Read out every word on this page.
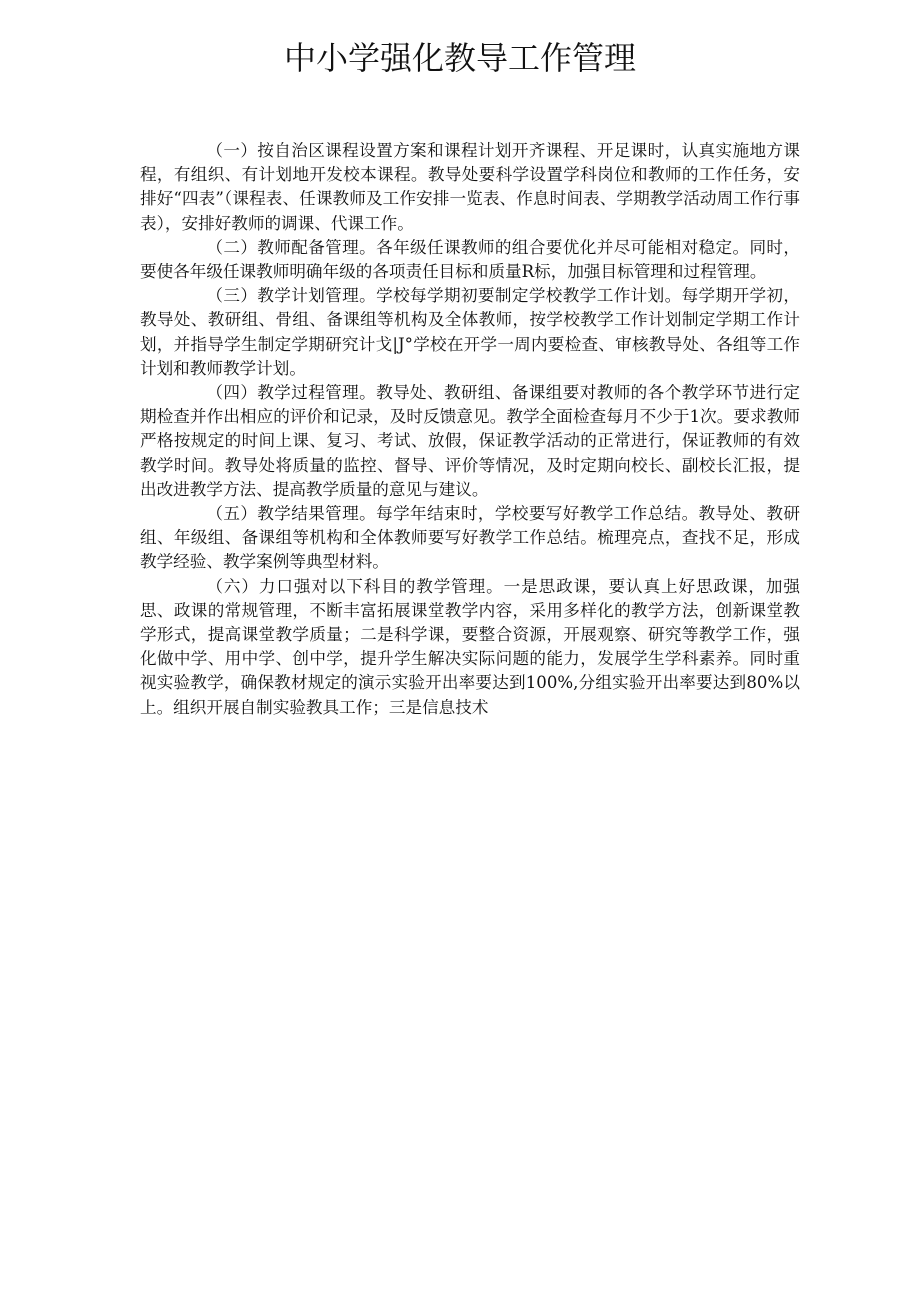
中小学强化教导工作管理

（一）按自治区课程设置方案和课程计划开齐课程、开足课时，认真实施地方课程，有组织、有计划地开发校本课程。教导处要科学设置学科岗位和教师的工作任务，安排好“四表”（课程表、任课教师及工作安排一览表、作息时间表、学期教学活动周工作行事表），安排好教师的调课、代课工作。

（二）教师配备管理。各年级任课教师的组合要优化并尽可能相对稳定。同时，要使各年级任课教师明确年级的各项责任目标和质量R标，加强目标管理和过程管理。

（三）教学计划管理。学校每学期初要制定学校教学工作计划。每学期开学初，教导处、教研组、骨组、备课组等机构及全体教师，按学校教学工作计划制定学期工作计划，并指导学生制定学期研究计戈|J°学校在开学一周内要检查、审核教导处、各组等工作计划和教师教学计划。

（四）教学过程管理。教导处、教研组、备课组要对教师的各个教学环节进行定期检查并作出相应的评价和记录，及时反馈意见。教学全面检查每月不少于1次。要求教师严格按规定的时间上课、复习、考试、放假，保证教学活动的正常进行，保证教师的有效教学时间。教导处将质量的监控、督导、评价等情况，及时定期向校长、副校长汇报，提出改进教学方法、提高教学质量的意见与建议。

（五）教学结果管理。每学年结束时，学校要写好教学工作总结。教导处、教研组、年级组、备课组等机构和全体教师要写好教学工作总结。梳理亮点，查找不足，形成教学经验、教学案例等典型材料。

（六）力口强对以下科目的教学管理。一是思政课，要认真上好思政课，加强思、政课的常规管理，不断丰富拓展课堂教学内容，采用多样化的教学方法，创新课堂教学形式，提高课堂教学质量；二是科学课，要整合资源，开展观察、研究等教学工作，强化做中学、用中学、创中学，提升学生解决实际问题的能力，发展学生学科素养。同时重视实验教学，确保教材规定的演示实验开出率要达到100%,分组实验开出率要达到80%以上。组织开展自制实验教具工作；三是信息技术
